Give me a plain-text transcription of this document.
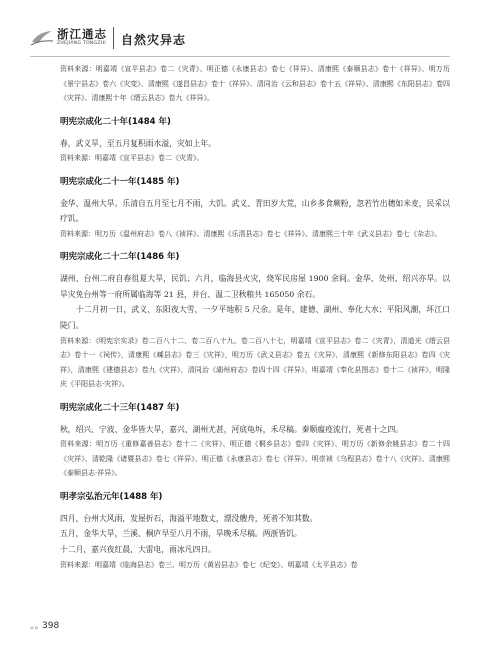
浙江通志
ZHEJIANG TONGZHI 自然灾异志

资料来源：明嘉靖《宣平县志》卷二《灾青》、明正德《永康县志》卷七《祥异》、清康熙《泰顺县志》卷十《祥异》、明万历《景宁县志》卷六《灾变》、清康熙《遂昌县志》卷十《祥异》、清同治《云和县志》卷十五《祥异》、清康熙《东阳县志》卷四《灾祥》、清康熙十年《缙云县志》卷九《祥异》。

明宪宗成化二十年(1484 年)

春，武义旱，至五月复积雨水溢，灾如上年。

资料来源：明嘉靖《宣平县志》卷二《灾青》。

明宪宗成化二十一年(1485 年)

金华、温州大旱。乐清自五月至七月不雨，大饥。武义、青田岁大荒，山乡多食蕨粉，忽若竹出穗如米麦，民采以疗饥。

资料来源：明万历《温州府志》卷八《祯祥》、清康熙《乐清县志》卷七《祥异》、清康熙三十年《武义县志》卷七《杂志》。

明宪宗成化二十二年(1486 年)

湖州、台州二府自春徂夏大旱，民饥；六月，临海县火灾，烧军民房屋 1900 余间。金华、处州、绍兴亦旱。以旱灾免台州等一府所属临海等 21 县，并台、温二卫秋粮共 165050 余石。

十二月初一日，武义、东阳夜大雪，一夕平地积 5 尺余。是年，建德、湖州、奉化大水；平阳风潮，坏江口陡门。

资料来源：《明宪宗实录》卷二百八十二、卷二百八十九、卷二百八十七，明嘉靖《宣平县志》卷二《灾青》，清道光《缙云县志》卷十一《祠传》，清康熙《嵊县志》卷三《灾祥》，明万历《武义县志》卷五《灾异》，清康熙《新修东阳县志》卷四《灾祥》，清康熙《建德县志》卷九《灾祥》，清同治《湖州府志》卷四十四《祥异》，明嘉靖《奉化县图志》卷十二《祯祥》，明隆庆《平阳县志·灾祥》。

明宪宗成化二十三年(1487 年)

秋，绍兴、宁波、金华皆大旱，嘉兴、湖州尤甚，河底龟坼，禾尽稿。秦顺瘟疫流行，死者十之四。

资料来源：明万历《重修嘉善县志》卷十二《灾祥》、明正德《桐乡县志》卷四《灾祥》、明万历《新修余姚县志》卷二十四《灾祥》、清乾隆《诸暨县志》卷七《祥异》、明正德《永康县志》卷七《祥异》、明崇祯《乌程县志》卷十八《灾祥》、清康熙《泰顺县志·祥异》。

明孝宗弘治元年(1488 年)

四月，台州大风雨，发屋折石，海溢平地数丈，漂没艘舟，死者不知其数。

五月，金华大旱，兰溪、桐庐早至八月不雨，旱晚禾尽稿。两浙皆饥。

十二月，嘉兴夜红晨，大雷电，雨冰凡四日。

资料来源：明嘉靖《临海县志》卷三、明万历《黄岩县志》卷七《纪变》、明嘉靖《太平县志》卷

»» 398
